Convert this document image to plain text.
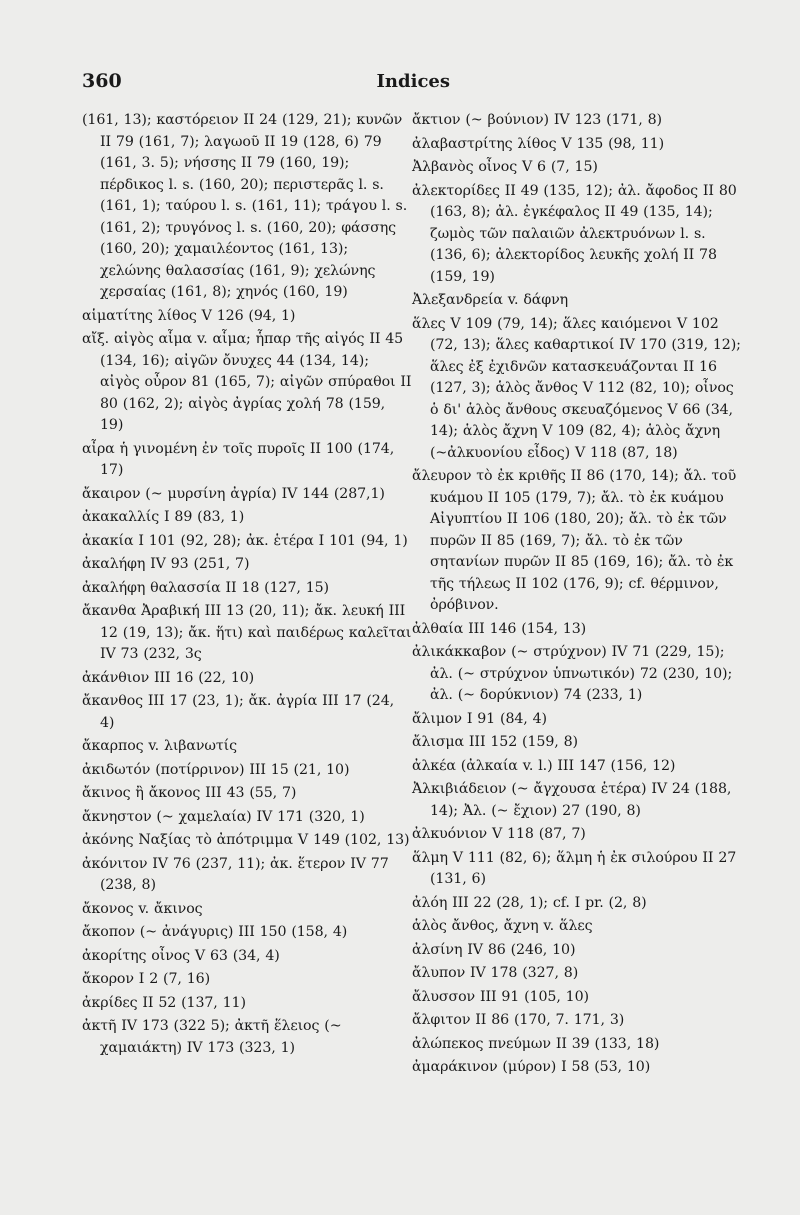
360	Indices

(161, 13); καστόρειον II 24 (129, 21); κυνῶν II 79 (161, 7); λαγωοῦ II 19 (128, 6) 79 (161, 3. 5); νήσσης II 79 (160, 19); πέρδικος l. s. (160, 20); περιστερᾶς l. s. (161, 1); ταύρου l. s. (161, 11); τράγου l. s. (161, 2); τρυγόνος l. s. (160, 20); φάσσης (160, 20); χαμαιλέοντος (161, 13); χελώνης θαλασσίας (161, 9); χελώνης χερσαίας (161, 8); χηνός (160, 19)

αἱματίτης λίθος V 126 (94, 1)

αἴξ. αἰγὸς αἷμα v. αἷμα; ἧπαρ τῆς αἰγός II 45 (134, 16); αἰγῶν ὄνυχες 44 (134, 14); αἰγὸς οὖρον 81 (165, 7); αἰγῶν σπύραθοι II 80 (162, 2); αἰγὸς ἀγρίας χολή 78 (159, 19)

αἶρα ἡ γινομένη ἐν τοῖς πυροῖς II 100 (174, 17)

ἄκαιρον (~ μυρσίνη ἀγρία) IV 144 (287,1)

ἀκακαλλίς I 89 (83, 1)

ἀκακία I 101 (92, 28); ἀκ. ἑτέρα I 101 (94, 1)

ἀκαλήφη IV 93 (251, 7)

ἀκαλήφη θαλασσία II 18 (127, 15)

ἄκανθα Ἀραβική III 13 (20, 11); ἄκ. λευκή III 12 (19, 13); ἄκ. ἥτι) καὶ παιδέρως καλεῖται IV 73 (232, 3ς

ἀκάνθιον III 16 (22, 10)

ἄκανθος III 17 (23, 1); ἄκ. ἀγρία III 17 (24, 4)

ἄκαρπος v. λιβανωτίς

ἀκιδωτόν (ποτίρρινον) III 15 (21, 10)

ἄκινος ἢ ἄκονος III 43 (55, 7)

ἄκνηστον (~ χαμελαία) IV 171 (320, 1)

ἀκόνης Ναξίας τὸ ἀπότριμμα V 149 (102, 13)

ἀκόνιτον IV 76 (237, 11); ἀκ. ἕτερον IV 77 (238, 8)

ἄκονος v. ἄκινος

ἄκοπον (~ ἀνάγυρις) III 150 (158, 4)

ἀκορίτης οἶνος V 63 (34, 4)

ἄκορον I 2 (7, 16)

ἀκρίδες II 52 (137, 11)

ἀκτῆ IV 173 (322 5); ἀκτῆ ἕλειος (~ χαμαιάκτη) IV 173 (323, 1)

ἄκτιον (~ βούνιον) IV 123 (171, 8)

ἀλαβαστρίτης λίθος V 135 (98, 11)

Ἀλβανὸς οἶνος V 6 (7, 15)

ἀλεκτορίδες II 49 (135, 12); ἀλ. ἄφοδος II 80 (163, 8); ἀλ. ἐγκέφαλος II 49 (135, 14); ζωμὸς τῶν παλαιῶν ἀλεκτρυόνων l. s. (136, 6); ἀλεκτορίδος λευκῆς χολή II 78 (159, 19)

Ἀλεξανδρεία v. δάφνη

ἅλες V 109 (79, 14); ἅλες καιόμενοι V 102 (72, 13); ἅλες καθαρτικοί IV 170 (319, 12); ἅλες ἐξ ἐχιδνῶν κατασκευάζονται II 16 (127, 3); ἁλὸς ἄνθος V 112 (82, 10); οἶνος ὁ δι' ἁλὸς ἄνθους σκευαζόμενος V 66 (34, 14); ἁλὸς ἄχνη V 109 (82, 4); ἁλὸς ἄχνη (~ἀλκυονίου εἶδος) V 118 (87, 18)

ἄλευρον τὸ ἐκ κριθῆς II 86 (170, 14); ἄλ. τοῦ κυάμου II 105 (179, 7); ἄλ. τὸ ἐκ κυάμου Αἰγυπτίου II 106 (180, 20); ἄλ. τὸ ἐκ τῶν πυρῶν II 85 (169, 7); ἄλ. τὸ ἐκ τῶν σητανίων πυρῶν II 85 (169, 16); ἄλ. τὸ ἐκ τῆς τήλεως II 102 (176, 9); cf. θέρμινον, ὀρόβινον.

ἀλθαία III 146 (154, 13)

ἀλικάκκαβον (~ στρύχνον) IV 71 (229, 15); ἀλ. (~ στρύχνον ὑπνωτικόν) 72 (230, 10); ἀλ. (~ δορύκνιον) 74 (233, 1)

ἄλιμον I 91 (84, 4)

ἄλισμα III 152 (159, 8)

ἀλκέα (ἀλκαία v. l.) III 147 (156, 12)

Ἀλκιβιάδειον (~ ἄγχουσα ἑτέρα) IV 24 (188, 14); Ἀλ. (~ ἔχιον) 27 (190, 8)

ἀλκυόνιον V 118 (87, 7)

ἅλμη V 111 (82, 6); ἅλμη ἡ ἐκ σιλούρου II 27 (131, 6)

ἀλόη III 22 (28, 1); cf. I pr. (2, 8)

ἁλὸς ἄνθος, ἄχνη v. ἅλες

ἀλσίνη IV 86 (246, 10)

ἄλυπον IV 178 (327, 8)

ἄλυσσον III 91 (105, 10)

ἄλφιτον II 86 (170, 7. 171, 3)

ἀλώπεκος πνεύμων II 39 (133, 18)

ἀμαράκινον (μύρον) I 58 (53, 10)
